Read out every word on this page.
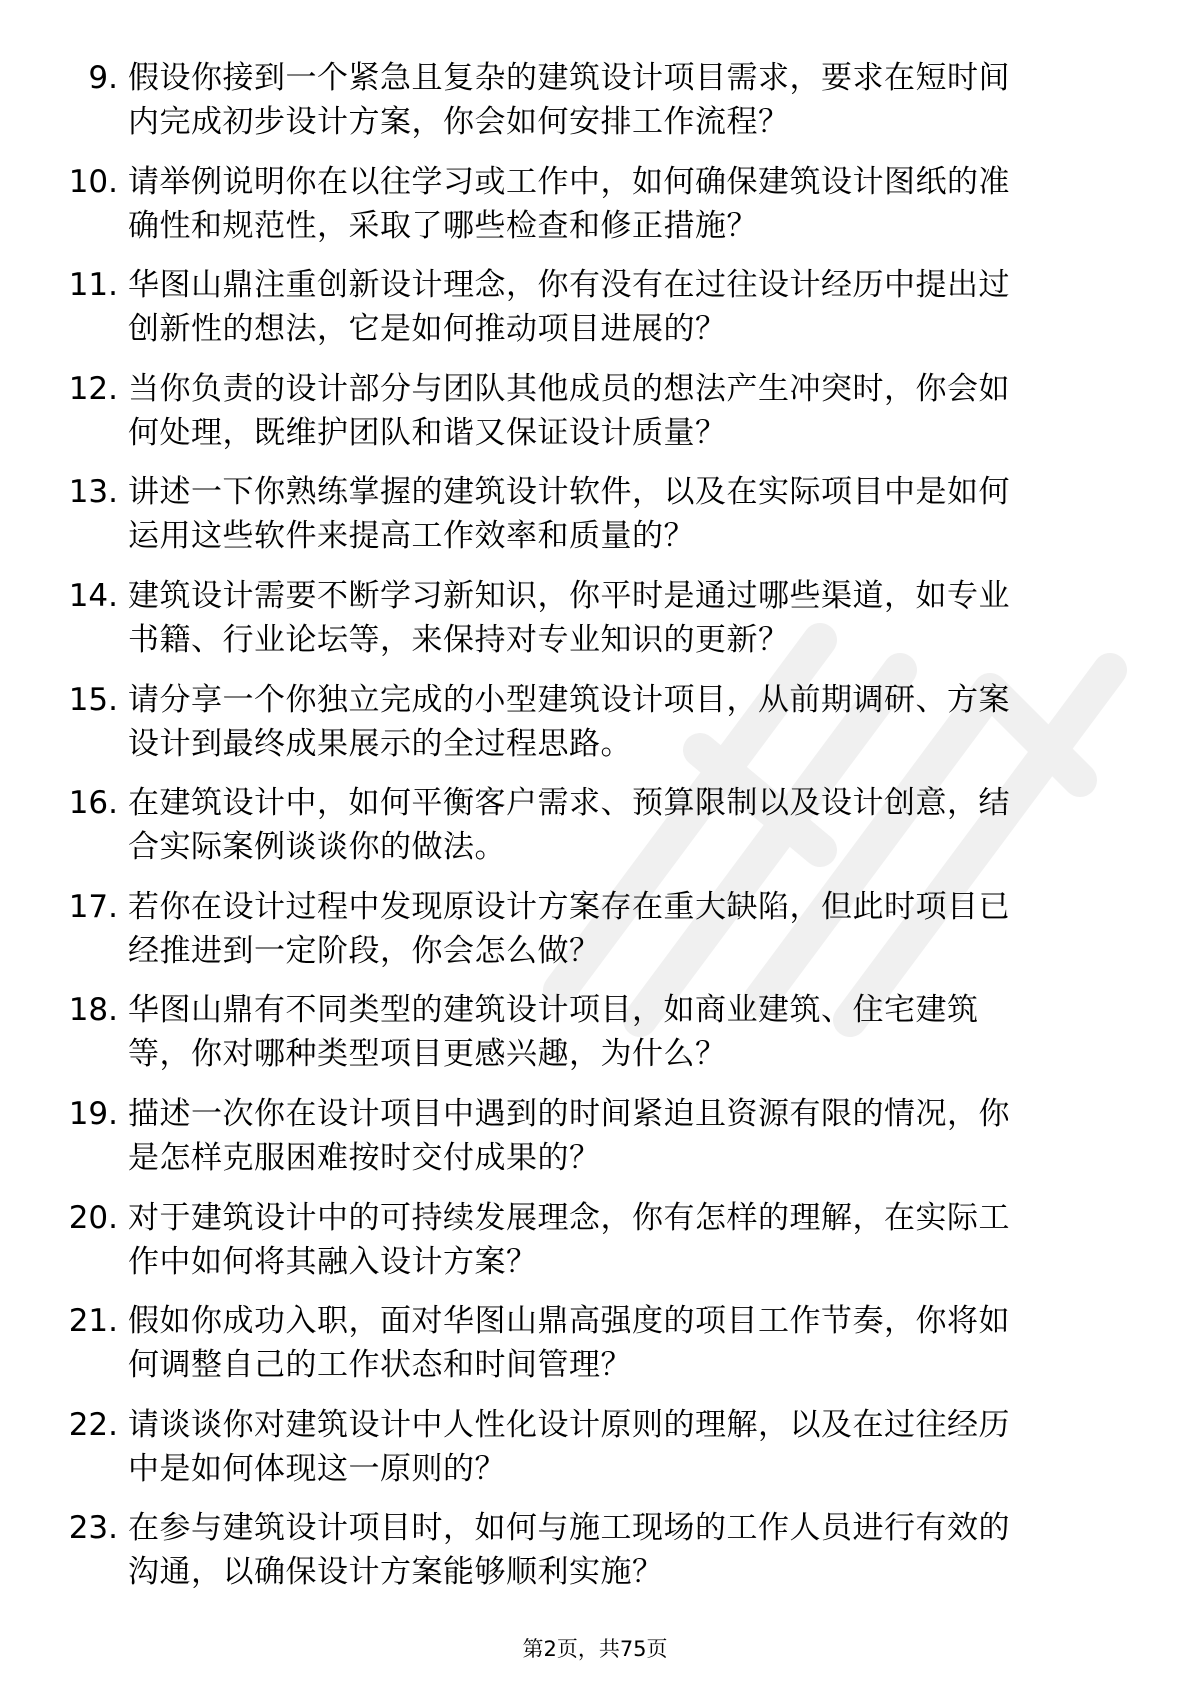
9. 假设你接到一个紧急且复杂的建筑设计项目需求，要求在短时间
内完成初步设计方案，你会如何安排工作流程？
10. 请举例说明你在以往学习或工作中，如何确保建筑设计图纸的准
确性和规范性，采取了哪些检查和修正措施？
11. 华图山鼎注重创新设计理念，你有没有在过往设计经历中提出过
创新性的想法，它是如何推动项目进展的？
12. 当你负责的设计部分与团队其他成员的想法产生冲突时，你会如
何处理，既维护团队和谐又保证设计质量？
13. 讲述一下你熟练掌握的建筑设计软件，以及在实际项目中是如何
运用这些软件来提高工作效率和质量的？
14. 建筑设计需要不断学习新知识，你平时是通过哪些渠道，如专业
书籍、行业论坛等，来保持对专业知识的更新？
15. 请分享一个你独立完成的小型建筑设计项目，从前期调研、方案
设计到最终成果展示的全过程思路。
16. 在建筑设计中，如何平衡客户需求、预算限制以及设计创意，结
合实际案例谈谈你的做法。
17. 若你在设计过程中发现原设计方案存在重大缺陷，但此时项目已
经推进到一定阶段，你会怎么做？
18. 华图山鼎有不同类型的建筑设计项目，如商业建筑、住宅建筑
等，你对哪种类型项目更感兴趣，为什么？
19. 描述一次你在设计项目中遇到的时间紧迫且资源有限的情况，你
是怎样克服困难按时交付成果的？
20. 对于建筑设计中的可持续发展理念，你有怎样的理解，在实际工
作中如何将其融入设计方案？
21. 假如你成功入职，面对华图山鼎高强度的项目工作节奏，你将如
何调整自己的工作状态和时间管理？
22. 请谈谈你对建筑设计中人性化设计原则的理解，以及在过往经历
中是如何体现这一原则的？
23. 在参与建筑设计项目时，如何与施工现场的工作人员进行有效的
沟通，以确保设计方案能够顺利实施？
第2页，共75页
